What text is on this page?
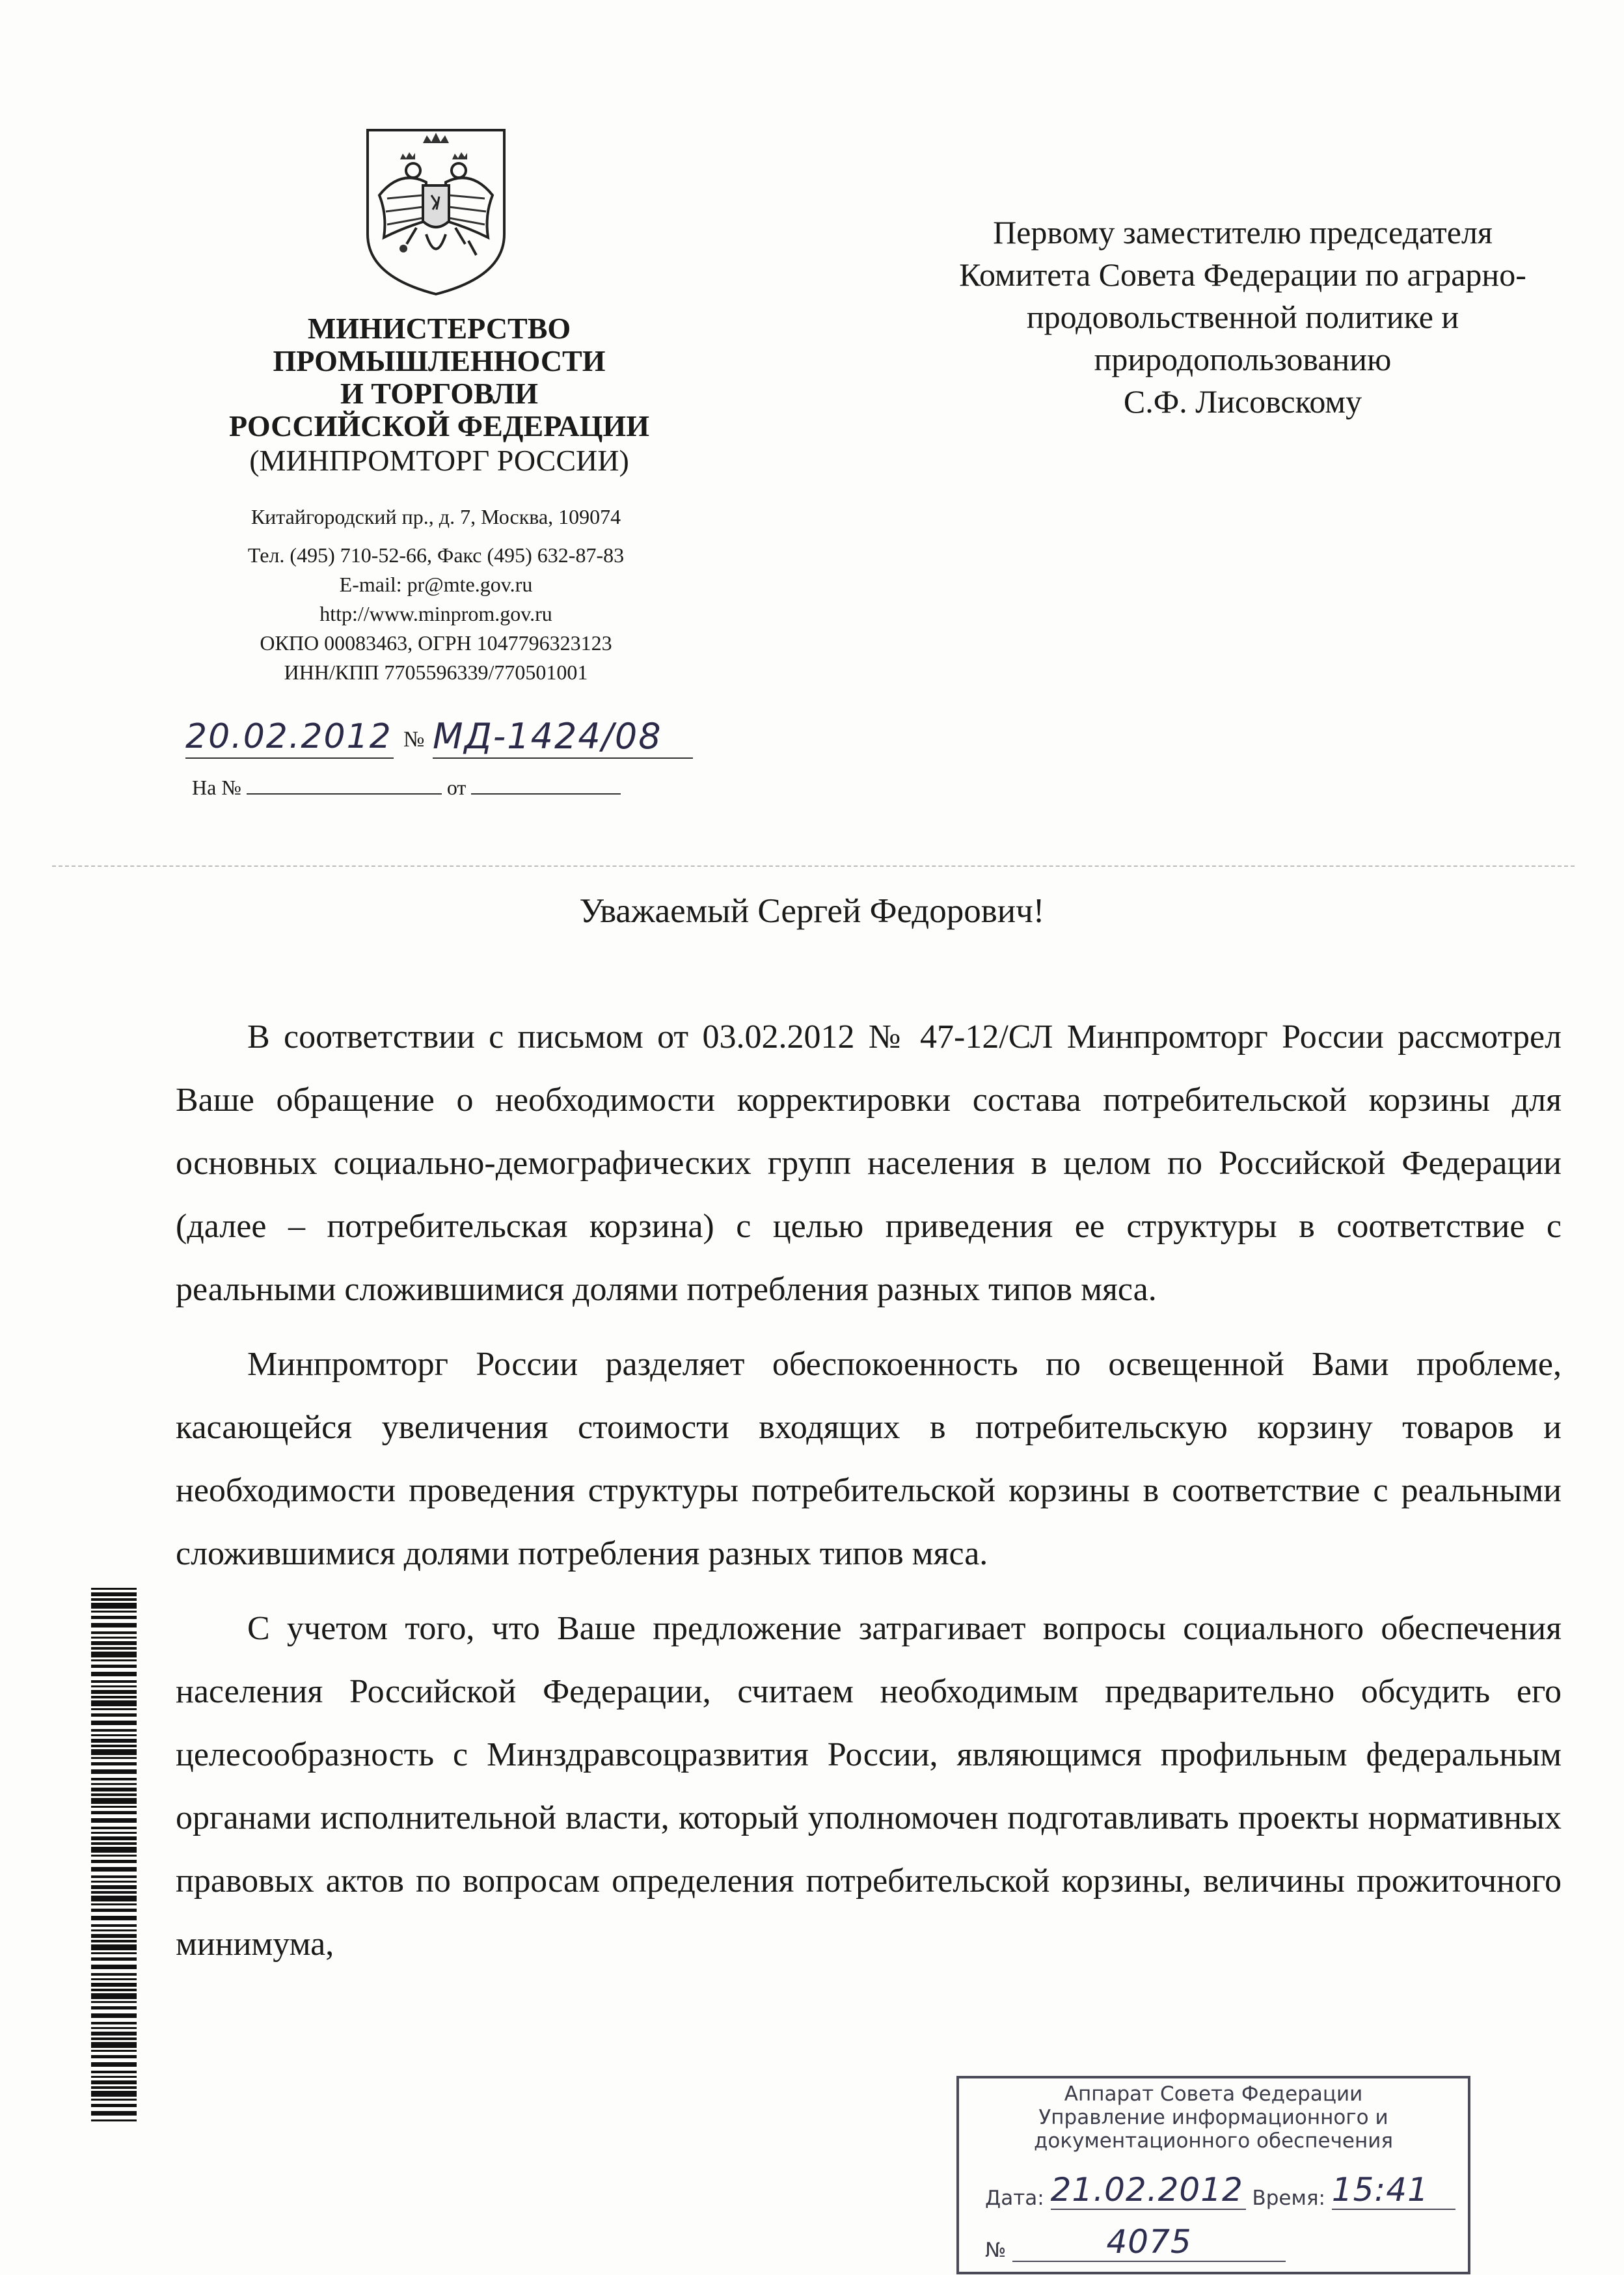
МИНИСТЕРСТВО
ПРОМЫШЛЕННОСТИ
И ТОРГОВЛИ
РОССИЙСКОЙ ФЕДЕРАЦИИ
(МИНПРОМТОРГ РОССИИ)
Китайгородский пр., д. 7, Москва, 109074
Тел. (495) 710-52-66, Факс (495) 632-87-83
E-mail: pr@mte.gov.ru
http://www.minprom.gov.ru
ОКПО 00083463, ОГРН 1047796323123
ИНН/КПП 7705596339/770501001
20.02.2012 № МД-1424/08
На №	от
Первому заместителю председателя
Комитета Совета Федерации по аграрно-
продовольственной политике и
природопользованию
С.Ф. Лисовскому
Уважаемый Сергей Федорович!

В соответствии с письмом от 03.02.2012 № 47-12/СЛ Минпромторг России рассмотрел Ваше обращение о необходимости корректировки состава потребительской корзины для основных социально-демографических групп населения в целом по Российской Федерации (далее – потребительская корзина) с целью приведения ее структуры в соответствие с реальными сложившимися долями потребления разных типов мяса.

Минпромторг России разделяет обеспокоенность по освещенной Вами проблеме, касающейся увеличения стоимости входящих в потребительскую корзину товаров и необходимости проведения структуры потребительской корзины в соответствие с реальными сложившимися долями потребления разных типов мяса.

С учетом того, что Ваше предложение затрагивает вопросы социального обеспечения населения Российской Федерации, считаем необходимым предварительно обсудить его целесообразность с Минздравсоцразвития России, являющимся профильным федеральным органами исполнительной власти, который уполномочен подготавливать проекты нормативных правовых актов по вопросам определения потребительской корзины, величины прожиточного минимума,

Аппарат Совета Федерации
Управление информационного и
документационного обеспечения
Дата: 21.02.2012 Время: 15:41
№	4075
